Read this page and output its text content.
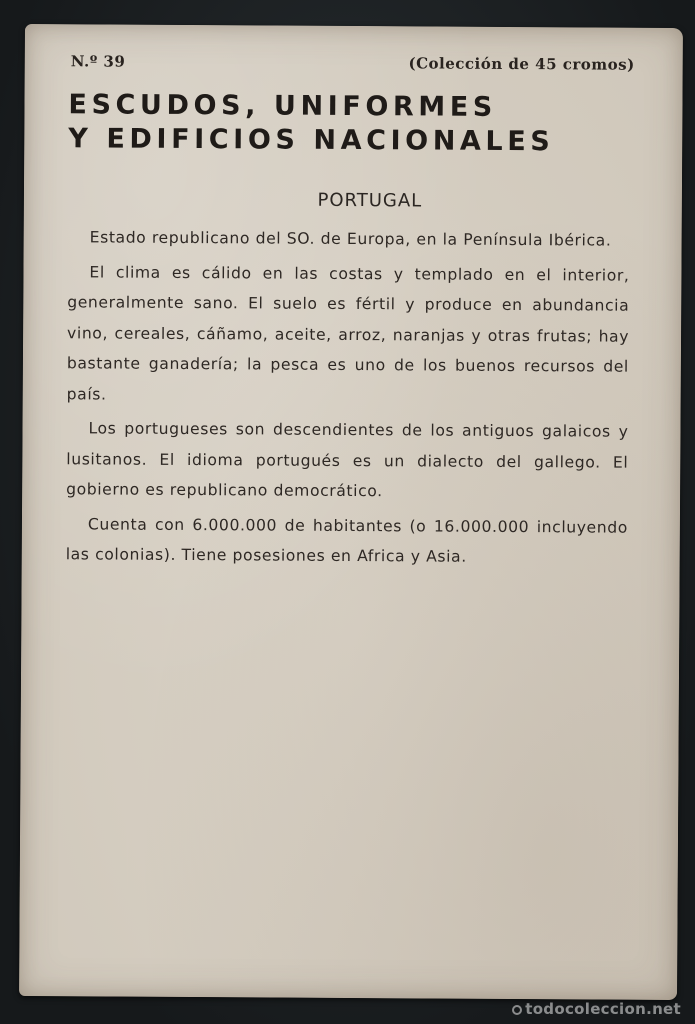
N.º 39	(Colección de 45 cromos)
ESCUDOS, UNIFORMES
Y EDIFICIOS NACIONALES
PORTUGAL

Estado republicano del SO. de Europa, en la Península Ibérica.

El clima es cálido en las costas y templado en el interior, generalmente sano. El suelo es fértil y produce en abundancia vino, cereales, cáñamo, aceite, arroz, naranjas y otras frutas; hay bastante ganadería; la pesca es uno de los buenos recursos del país.

Los portugueses son descendientes de los antiguos galaicos y lusitanos. El idioma portugués es un dialecto del gallego. El gobierno es republicano democrático.

Cuenta con 6.000.000 de habitantes (o 16.000.000 incluyendo las colonias). Tiene posesiones en Africa y Asia.

todocoleccion.net
